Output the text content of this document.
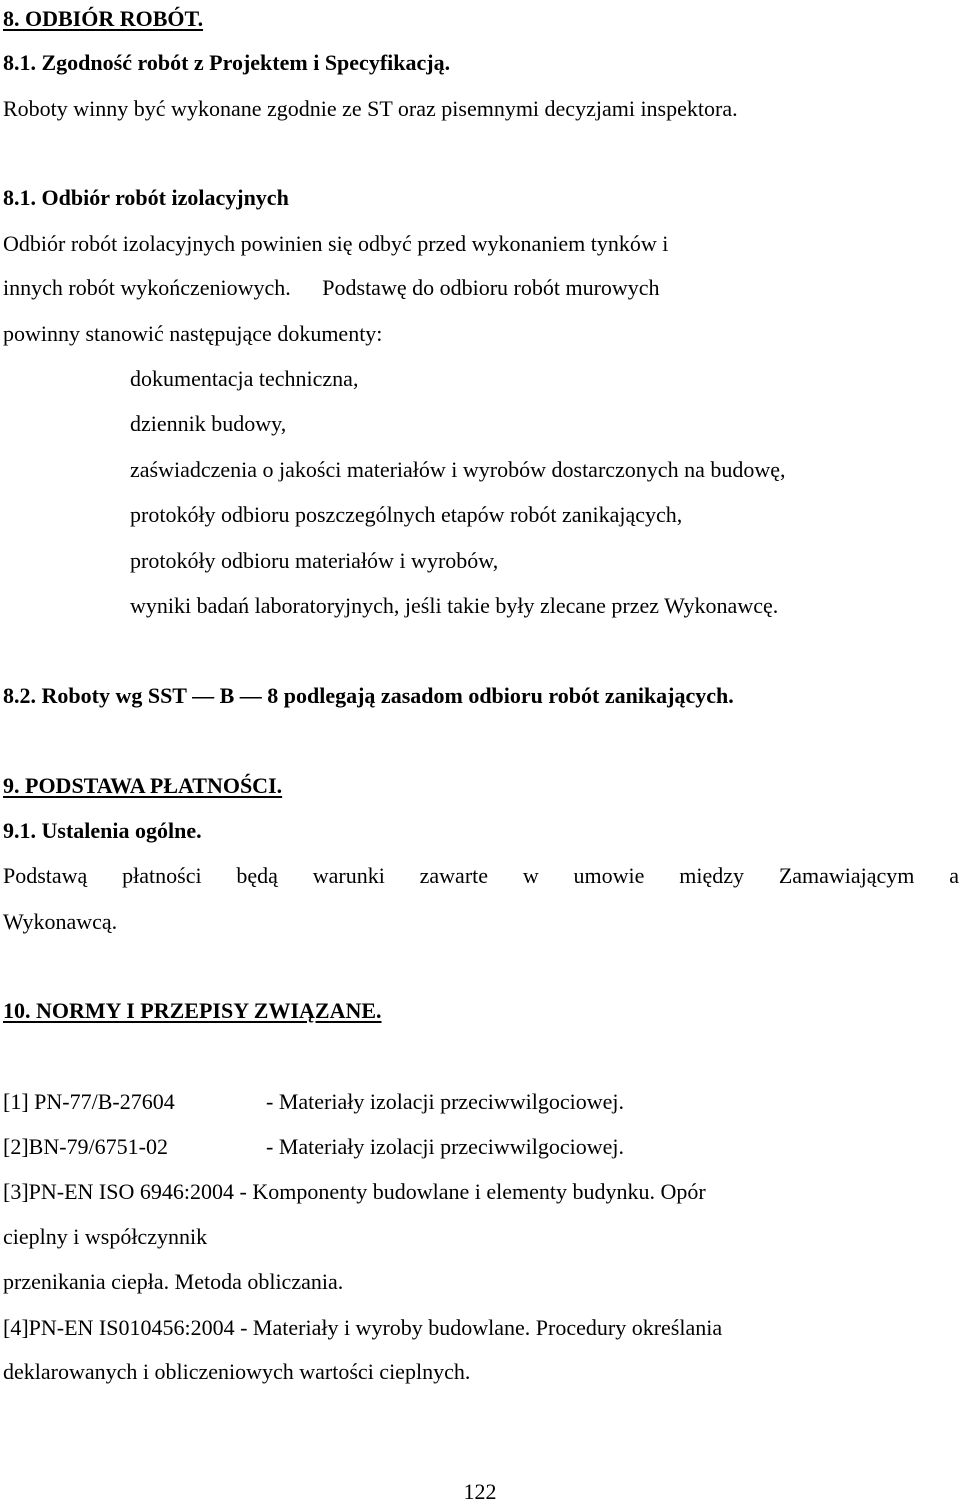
8. ODBIÓR ROBÓT.
8.1. Zgodność robót z Projektem i Specyfikacją.
Roboty winny być wykonane zgodnie ze ST oraz pisemnymi decyzjami inspektora.
8.1. Odbiór robót izolacyjnych
Odbiór robót izolacyjnych powinien się odbyć przed wykonaniem tynków i
innych robót wykończeniowych. Podstawę do odbioru robót murowych
powinny stanowić następujące dokumenty:
dokumentacja techniczna,
dziennik budowy,
zaświadczenia o jakości materiałów i wyrobów dostarczonych na budowę,
protokóły odbioru poszczególnych etapów robót zanikających,
protokóły odbioru materiałów i wyrobów,
wyniki badań laboratoryjnych, jeśli takie były zlecane przez Wykonawcę.
8.2. Roboty wg SST — B — 8 podlegają zasadom odbioru robót zanikających.
9. PODSTAWA PŁATNOŚCI.
9.1. Ustalenia ogólne.
Podstawą płatności będą warunki zawarte w umowie między Zamawiającym a
Wykonawcą.
10. NORMY I PRZEPISY ZWIĄZANE.
[1] PN-77/B-27604	- Materiały izolacji przeciwwilgociowej.
[2]BN-79/6751-02	- Materiały izolacji przeciwwilgociowej.
[3]PN-EN ISO 6946:2004 - Komponenty budowlane i elementy budynku. Opór
cieplny i współczynnik
przenikania ciepła. Metoda obliczania.
[4]PN-EN IS010456:2004 - Materiały i wyroby budowlane. Procedury określania
deklarowanych i obliczeniowych wartości cieplnych.
122
